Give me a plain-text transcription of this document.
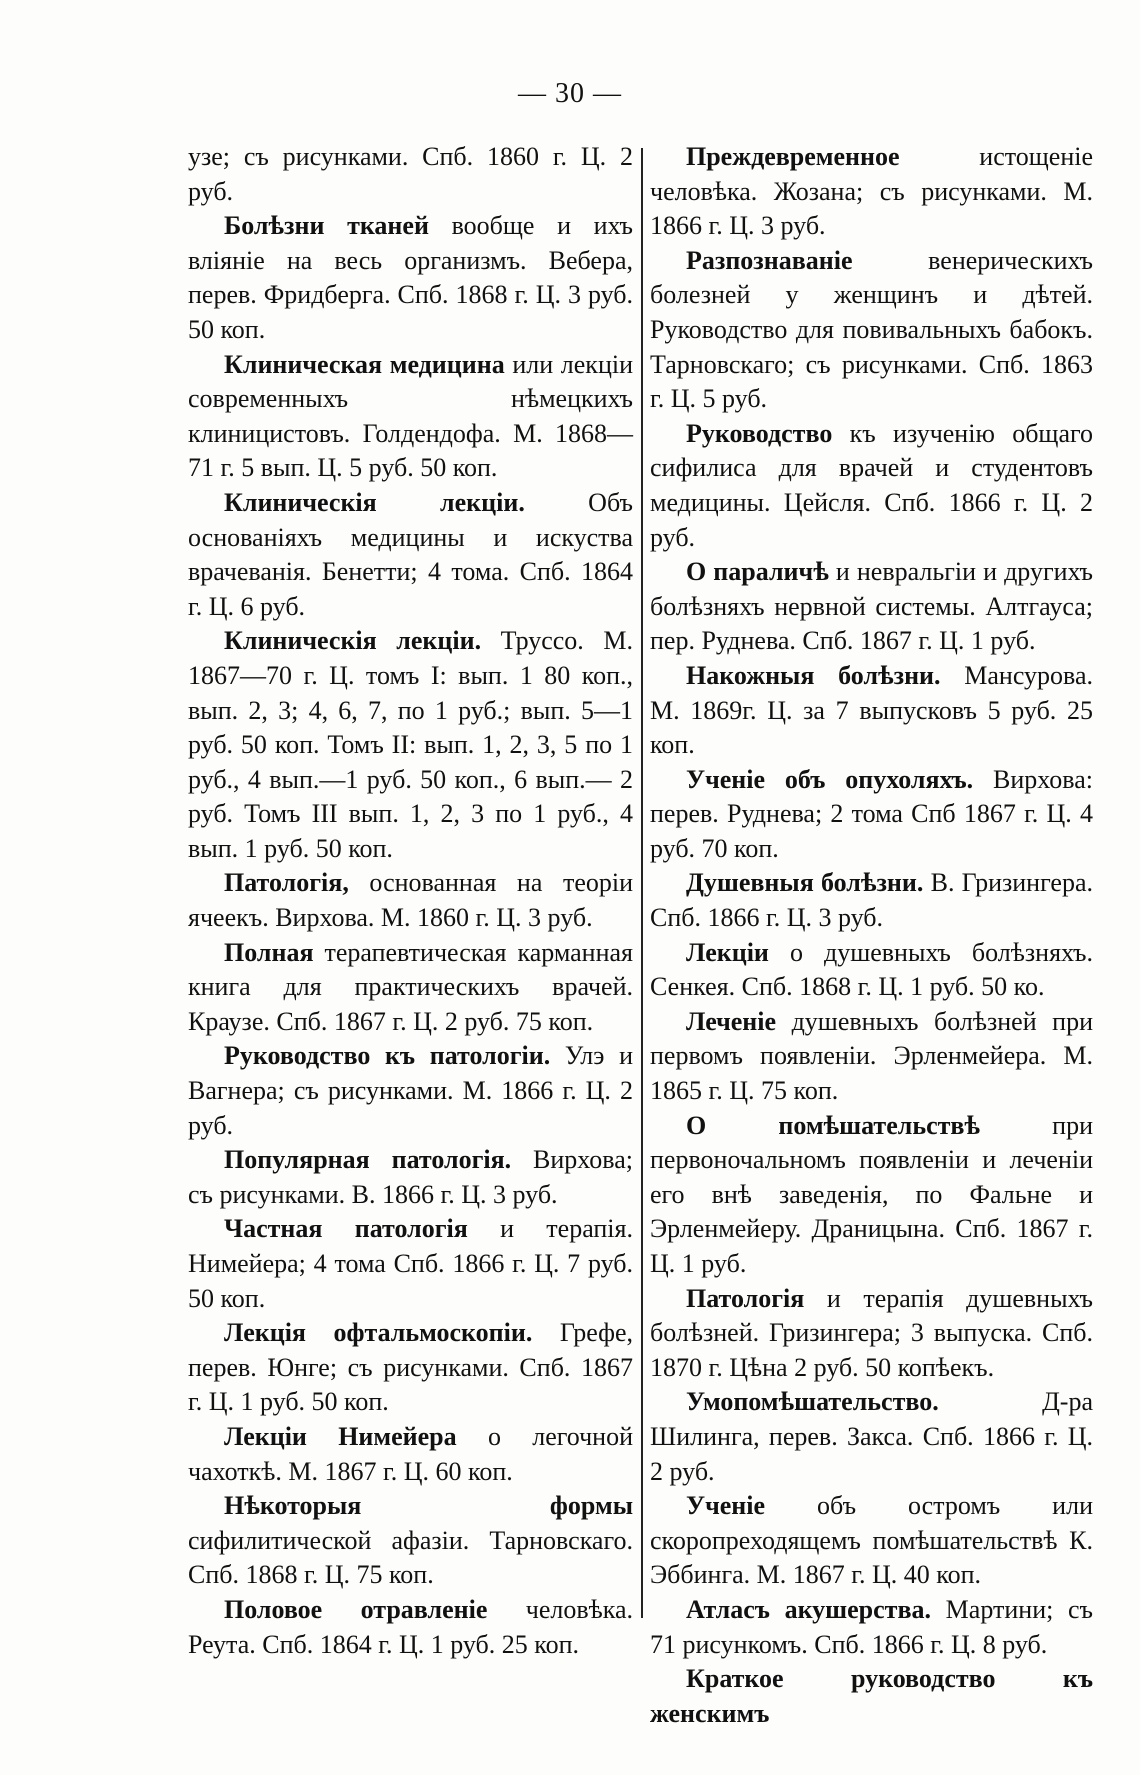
— 30 —

узе; съ рисунками. Спб. 1860 г. Ц. 2 руб.

Болѣзни тканей вообще и ихъ вліяніе на весь организмъ. Вебера, перев. Фридберга. Спб. 1868 г. Ц. 3 руб. 50 коп.

Клиническая медицина или лекціи современныхъ нѣмецкихъ клиницистовъ. Голдендофа. М. 1868—71 г. 5 вып. Ц. 5 руб. 50 коп.

Клиническія лекціи. Объ основаніяхъ медицины и искуства врачеванія. Бенетти; 4 тома. Спб. 1864 г. Ц. 6 руб.

Клиническія лекціи. Труссо. М. 1867—70 г. Ц. томъ I: вып. 1 80 коп., вып. 2, 3; 4, 6, 7, по 1 руб.; вып. 5—1 руб. 50 коп. Томъ II: вып. 1, 2, 3, 5 по 1 руб., 4 вып.—1 руб. 50 коп., 6 вып.— 2 руб. Томъ III вып. 1, 2, 3 по 1 руб., 4 вып. 1 руб. 50 коп.

Патологія, основанная на теоріи ячеекъ. Вирхова. М. 1860 г. Ц. 3 руб.

Полная терапевтическая карманная книга для практическихъ врачей. Краузе. Спб. 1867 г. Ц. 2 руб. 75 коп.

Руководство къ патологіи. Улэ и Вагнера; съ рисунками. М. 1866 г. Ц. 2 руб.

Популярная патологія. Вирхова; съ рисунками. В. 1866 г. Ц. 3 руб.

Частная патологія и терапія. Нимейера; 4 тома Спб. 1866 г. Ц. 7 руб. 50 коп.

Лекція офтальмоскопіи. Грефе, перев. Юнге; съ рисунками. Спб. 1867 г. Ц. 1 руб. 50 коп.

Лекціи Нимейера о легочной чахоткѣ. М. 1867 г. Ц. 60 коп.

Нѣкоторыя формы сифилитической афазіи. Тарновскаго. Спб. 1868 г. Ц. 75 коп.

Половое отравленіе человѣка. Реута. Спб. 1864 г. Ц. 1 руб. 25 коп.

Преждевременное истощеніе человѣка. Жозана; съ рисунками. М. 1866 г. Ц. 3 руб.

Разпознаваніе венерическихъ болезней у женщинъ и дѣтей. Руководство для повивальныхъ бабокъ. Тарновскаго; съ рисунками. Спб. 1863 г. Ц. 5 руб.

Руководство къ изученію общаго сифилиса для врачей и студентовъ медицины. Цейсля. Спб. 1866 г. Ц. 2 руб.

О параличѣ и невральгіи и другихъ болѣзняхъ нервной системы. Алтгауса; пер. Руднева. Спб. 1867 г. Ц. 1 руб.

Накожныя болѣзни. Мансурова. М. 1869г. Ц. за 7 выпусковъ 5 руб. 25 коп.

Ученіе объ опухоляхъ. Вирхова: перев. Руднева; 2 тома Спб 1867 г. Ц. 4 руб. 70 коп.

Душевныя болѣзни. В. Гризингера. Спб. 1866 г. Ц. 3 руб.

Лекціи о душевныхъ болѣзняхъ. Сенкея. Спб. 1868 г. Ц. 1 руб. 50 ко.

Леченіе душевныхъ болѣзней при первомъ появленіи. Эрленмейера. М. 1865 г. Ц. 75 коп.

О помѣшательствѣ при первоночальномъ появленіи и леченіи его внѣ заведенія, по Фальне и Эрленмейеру. Драницына. Спб. 1867 г. Ц. 1 руб.

Патологія и терапія душевныхъ болѣзней. Гризингера; 3 выпуска. Спб. 1870 г. Цѣна 2 руб. 50 копѣекъ.

Умопомѣшательство. Д-ра Шилинга, перев. Закса. Спб. 1866 г. Ц. 2 руб.

Ученіе объ остромъ или скоропреходящемъ помѣшательствѣ К. Эббинга. М. 1867 г. Ц. 40 коп.

Атласъ акушерства. Мартини; съ 71 рисункомъ. Спб. 1866 г. Ц. 8 руб.

Краткое руководство къ женскимъ
